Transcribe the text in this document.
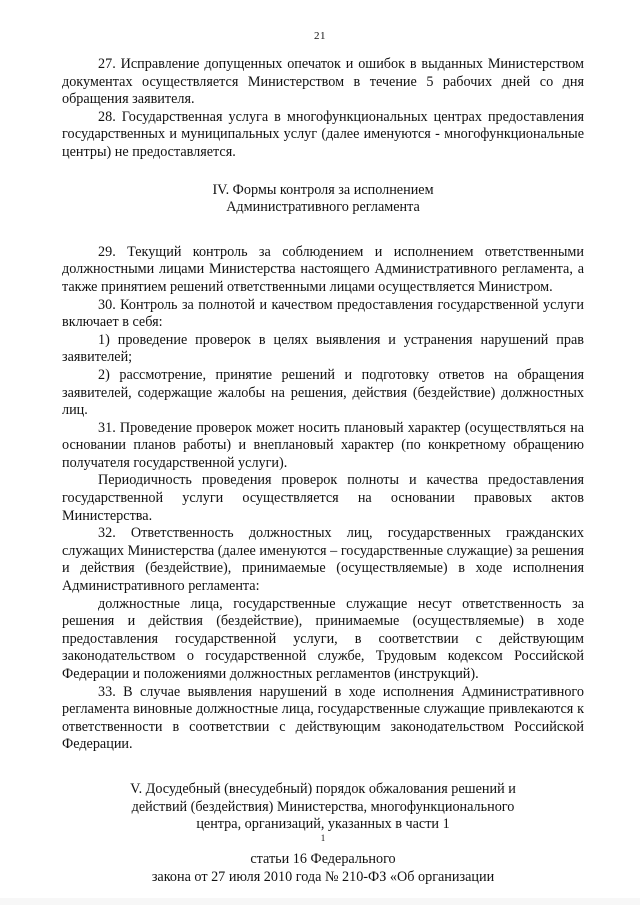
21

27. Исправление допущенных опечаток и ошибок в выданных Министерством документах осуществляется Министерством в течение 5 рабочих дней со дня обращения заявителя.

28. Государственная услуга в многофункциональных центрах предоставления государственных и муниципальных услуг (далее именуются - многофункциональные центры) не предоставляется.

IV. Формы контроля за исполнением
Административного регламента

29. Текущий контроль за соблюдением и исполнением ответственными должностными лицами Министерства настоящего Административного регламента, а также принятием решений ответственными лицами осуществляется Министром.

30. Контроль за полнотой и качеством предоставления государственной услуги включает в себя:

1) проведение проверок в целях выявления и устранения нарушений прав заявителей;

2) рассмотрение, принятие решений и подготовку ответов на обращения заявителей, содержащие жалобы на решения, действия (бездействие) должностных лиц.

31. Проведение проверок может носить плановый характер (осуществляться на основании планов работы) и внеплановый характер (по конкретному обращению получателя государственной услуги).

Периодичность проведения проверок полноты и качества предоставления государственной услуги осуществляется на основании правовых актов Министерства.

32. Ответственность должностных лиц, государственных гражданских служащих Министерства (далее именуются – государственные служащие) за решения и действия (бездействие), принимаемые (осуществляемые) в ходе исполнения Административного регламента:

должностные лица, государственные служащие несут ответственность за решения и действия (бездействие), принимаемые (осуществляемые) в ходе предоставления государственной услуги, в соответствии с действующим законодательством о государственной службе, Трудовым кодексом Российской Федерации и положениями должностных регламентов (инструкций).

33. В случае выявления нарушений в ходе исполнения Административного регламента виновные должностные лица, государственные служащие привлекаются к ответственности в соответствии с действующим законодательством Российской Федерации.

V. Досудебный (внесудебный) порядок обжалования решений и
действий (бездействия) Министерства, многофункционального
центра, организаций, указанных в части 1
$^1$
статьи 16 Федерального
закона от 27 июля 2010 года № 210-ФЗ «Об организации
